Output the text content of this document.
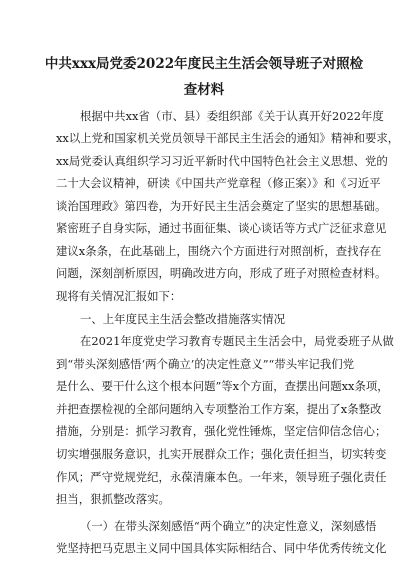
中共xxx局党委2022年度民主生活会领导班子对照检
查材料
根据中共xx省（市、县）委组织部《关于认真开好2022年度
xx以上党和国家机关党员领导干部民主生活会的通知》精神和要求，
xx局党委认真组织学习习近平新时代中国特色社会主义思想、党的
二十大会议精神，研读《中国共产党章程（修正案）》和《习近平
谈治国理政》第四卷，为开好民主生活会奠定了坚实的思想基础。
紧密班子自身实际，通过书面征集、谈心谈话等方式广泛征求意见
建议x条条，在此基础上，围绕六个方面进行对照剖析，查找存在
问题，深刻剖析原因，明确改进方向，形成了班子对照检查材料。
现将有关情况汇报如下：
一、上年度民主生活会整改措施落实情况
在2021年度党史学习教育专题民主生活会中，局党委班子从做
到“带头深刻感悟‘两个确立’的决定性意义”“带头牢记我们党
是什么、要干什么这个根本问题”等x个方面，查摆出问题xx条项，
并把查摆检视的全部问题纳入专项整治工作方案，提出了x条整改
措施，分别是：抓学习教育，强化党性锤炼，坚定信仰信念信心；
切实增强服务意识，扎实开展群众工作；强化责任担当，切实转变
作风；严守党规党纪，永葆清廉本色。一年来，领导班子强化责任
担当，狠抓整改落实。
（一）在带头深刻感悟“两个确立”的决定性意义，深刻感悟
党坚持把马克思主义同中国具体实际相结合、同中华优秀传统文化
